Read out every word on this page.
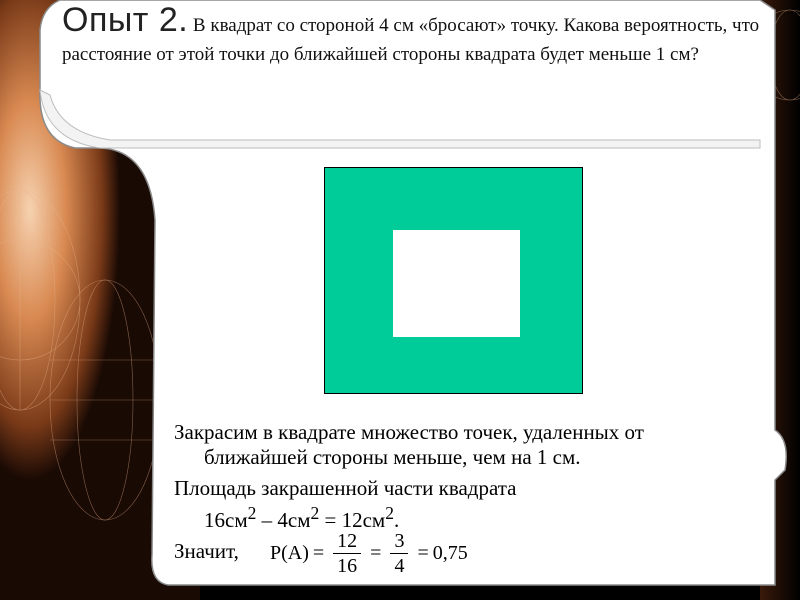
Опыт 2. В квадрат со стороной 4 см «бросают» точку. Какова вероятность, что расстояние от этой точки до ближайшей стороны квадрата будет меньше 1 см?
Закрасим в квадрате множество точек, удаленных от
ближайшей стороны меньше, чем на 1 см.
Площадь закрашенной части квадрата
$16см^2 - 4см^2 = 12см^2$.
Значит,	$P(A) = \frac{12}{16} = \frac{3}{4} = 0,75$
